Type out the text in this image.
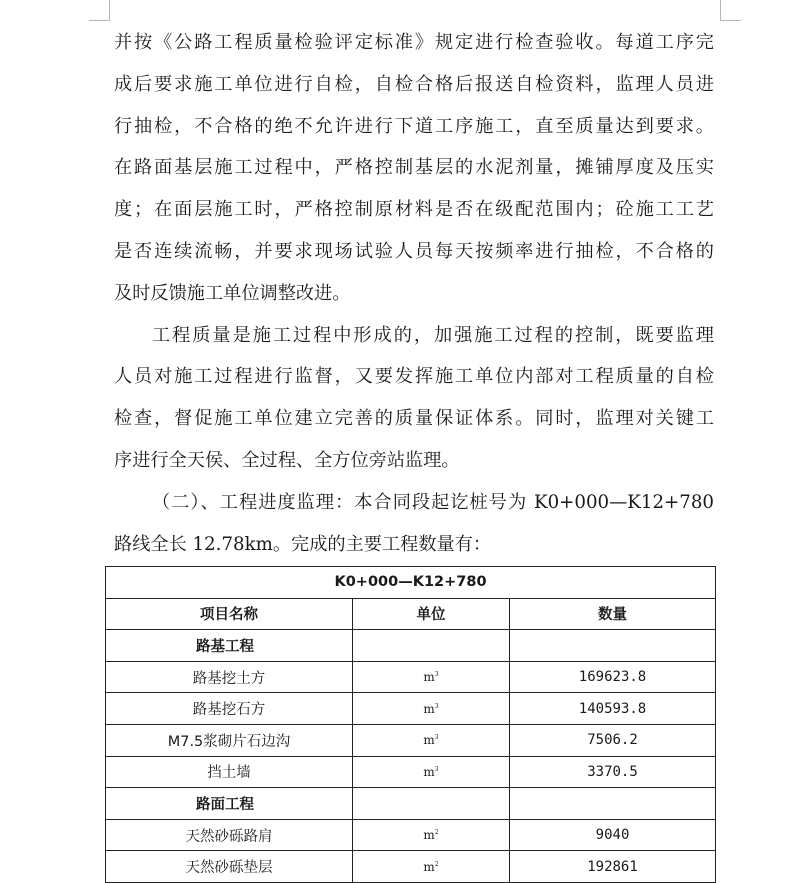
并按《公路工程质量检验评定标准》规定进行检查验收。每道工序完
成后要求施工单位进行自检，自检合格后报送自检资料，监理人员进
行抽检，不合格的绝不允许进行下道工序施工，直至质量达到要求。
在路面基层施工过程中，严格控制基层的水泥剂量，摊铺厚度及压实
度；在面层施工时，严格控制原材料是否在级配范围内；砼施工工艺
是否连续流畅，并要求现场试验人员每天按频率进行抽检，不合格的
及时反馈施工单位调整改进。
工程质量是施工过程中形成的，加强施工过程的控制，既要监理
人员对施工过程进行监督，又要发挥施工单位内部对工程质量的自检
检查，督促施工单位建立完善的质量保证体系。同时，监理对关键工
序进行全天侯、全过程、全方位旁站监理。
（二）、工程进度监理：本合同段起讫桩号为 K0+000—K12+780
路线全长 12.78km。完成的主要工程数量有：
K0+000—K12+780		
项目名称	单位	数量
路基工程		
路基挖土方	$m^3$	169623.8
路基挖石方	$m^3$	140593.8
M7.5浆砌片石边沟	$m^3$	7506.2
挡土墙	$m^3$	3370.5
路面工程		
天然砂砾路肩	$m^2$	9040
天然砂砾垫层	$m^2$	192861
